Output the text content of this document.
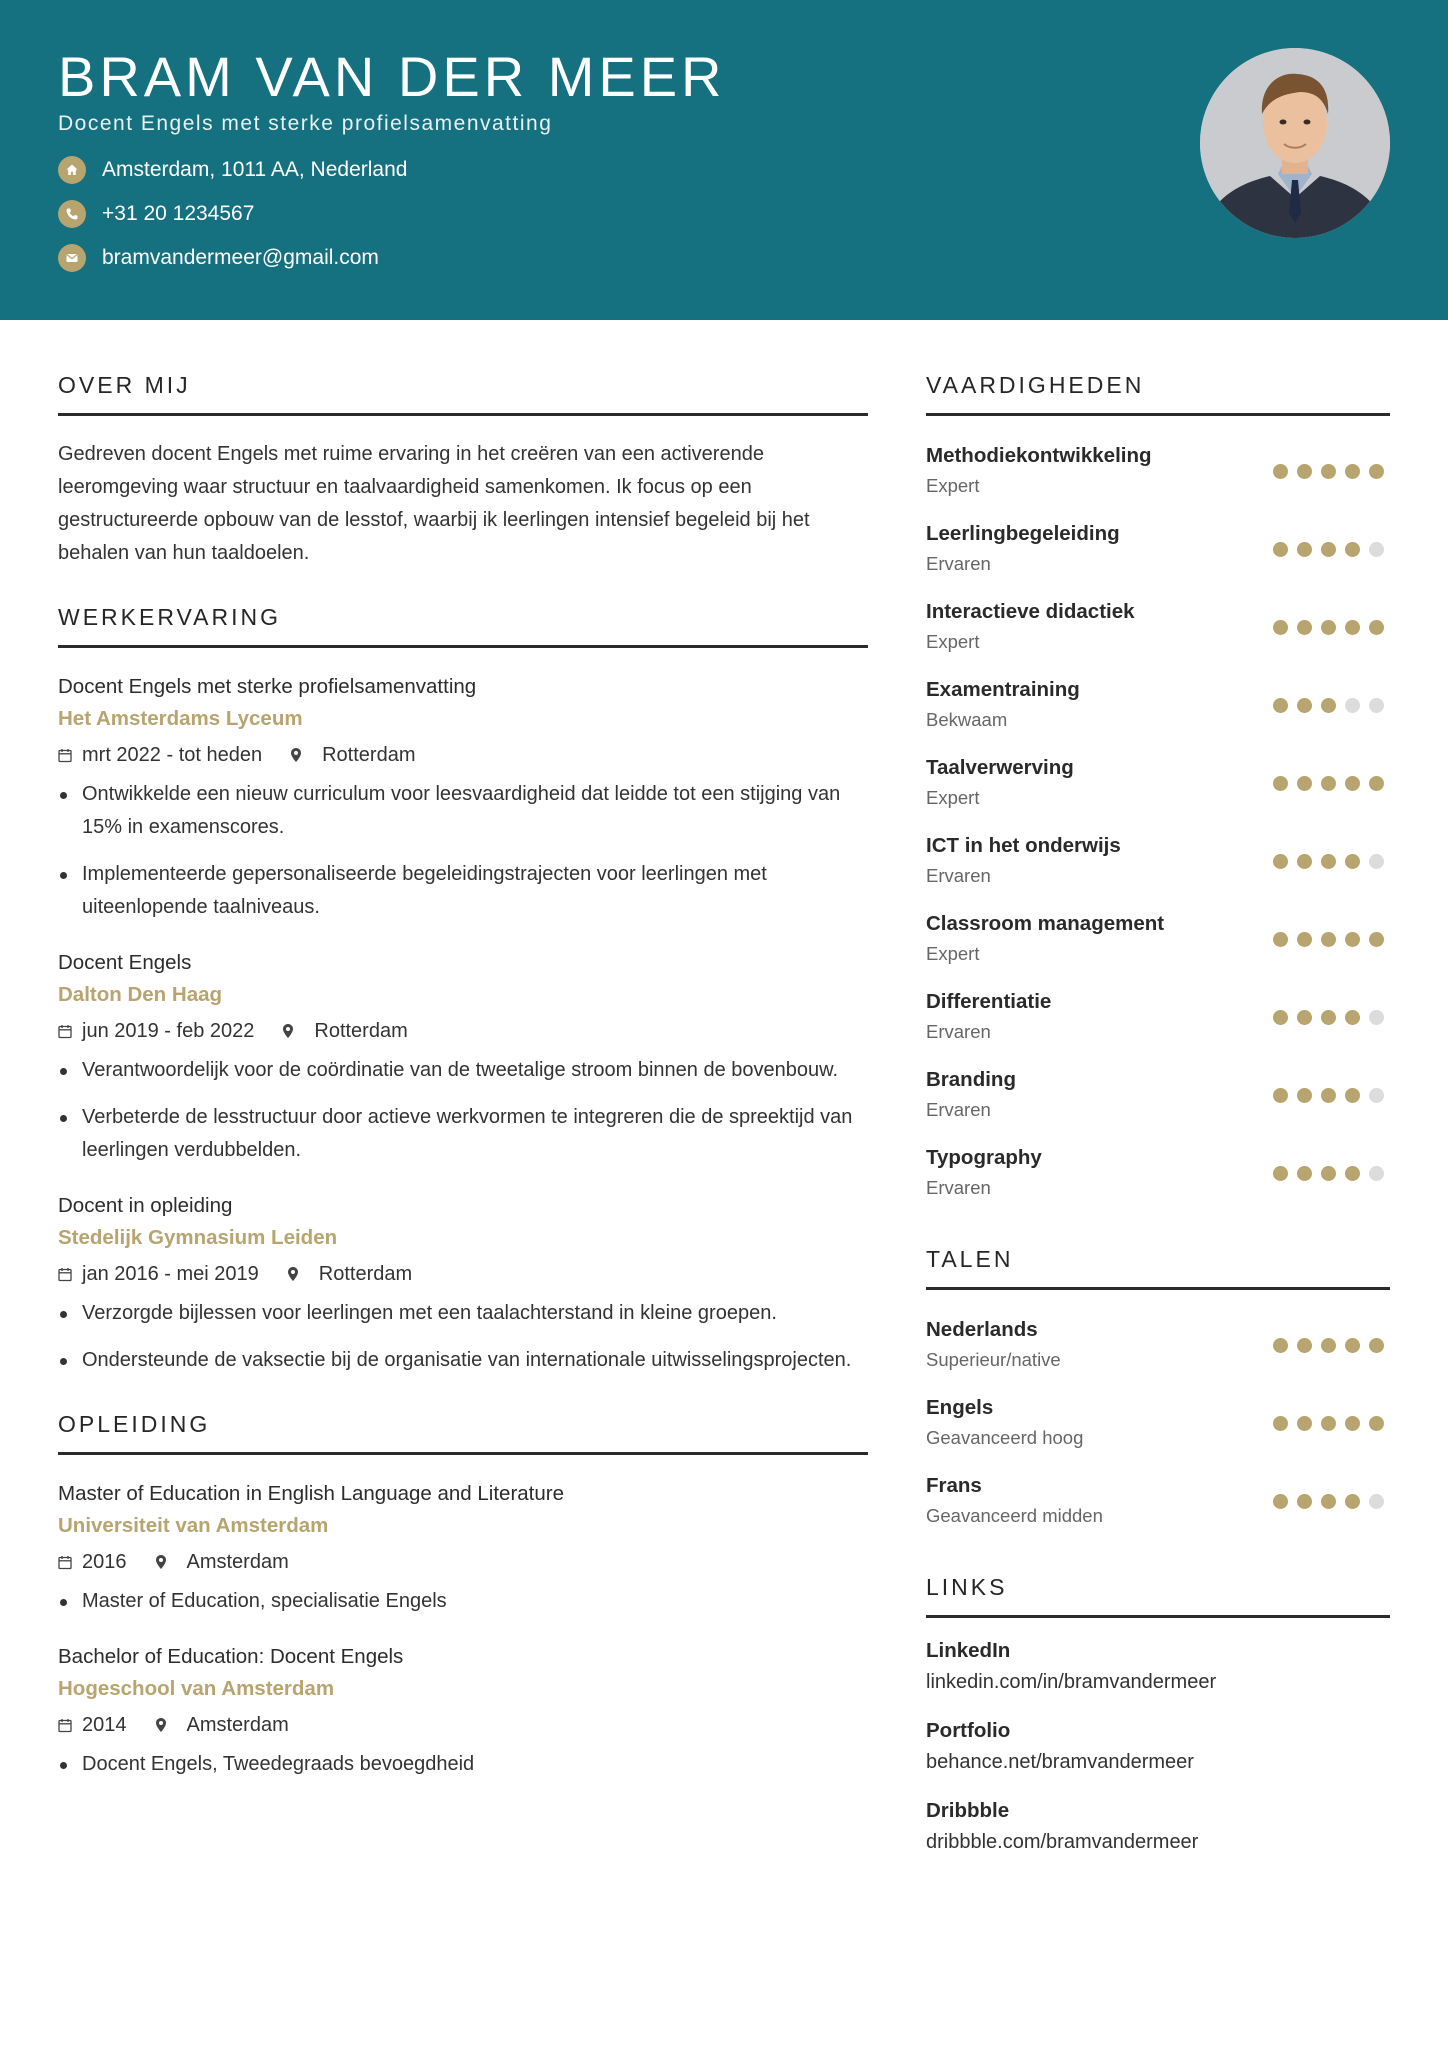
BRAM VAN DER MEER
Docent Engels met sterke profielsamenvatting
Amsterdam, 1011 AA, Nederland
+31 20 1234567
bramvandermeer@gmail.com
OVER MIJ

Gedreven docent Engels met ruime ervaring in het creëren van een activerende leeromgeving waar structuur en taalvaardigheid samenkomen. Ik focus op een gestructureerde opbouw van de lesstof, waarbij ik leerlingen intensief begeleid bij het behalen van hun taaldoelen.

WERKERVARING
Docent Engels met sterke profielsamenvatting
Het Amsterdams Lyceum
mrt 2022 - tot heden	Rotterdam
Ontwikkelde een nieuw curriculum voor leesvaardigheid dat leidde tot een stijging van 15% in examenscores.
Implementeerde gepersonaliseerde begeleidingstrajecten voor leerlingen met uiteenlopende taalniveaus.
Docent Engels
Dalton Den Haag
jun 2019 - feb 2022	Rotterdam
Verantwoordelijk voor de coördinatie van de tweetalige stroom binnen de bovenbouw.
Verbeterde de lesstructuur door actieve werkvormen te integreren die de spreektijd van leerlingen verdubbelden.
Docent in opleiding
Stedelijk Gymnasium Leiden
jan 2016 - mei 2019	Rotterdam
Verzorgde bijlessen voor leerlingen met een taalachterstand in kleine groepen.
Ondersteunde de vaksectie bij de organisatie van internationale uitwisselingsprojecten.
OPLEIDING
Master of Education in English Language and Literature
Universiteit van Amsterdam
2016	Amsterdam
Master of Education, specialisatie Engels
Bachelor of Education: Docent Engels
Hogeschool van Amsterdam
2014	Amsterdam
Docent Engels, Tweedegraads bevoegdheid
VAARDIGHEDEN
Methodiekontwikkeling
Expert
Leerlingbegeleiding
Ervaren
Interactieve didactiek
Expert
Examentraining
Bekwaam
Taalverwerving
Expert
ICT in het onderwijs
Ervaren
Classroom management
Expert
Differentiatie
Ervaren
Branding
Ervaren
Typography
Ervaren
TALEN
Nederlands
Superieur/native
Engels
Geavanceerd hoog
Frans
Geavanceerd midden
LINKS
LinkedIn
linkedin.com/in/bramvandermeer
Portfolio
behance.net/bramvandermeer
Dribbble
dribbble.com/bramvandermeer
